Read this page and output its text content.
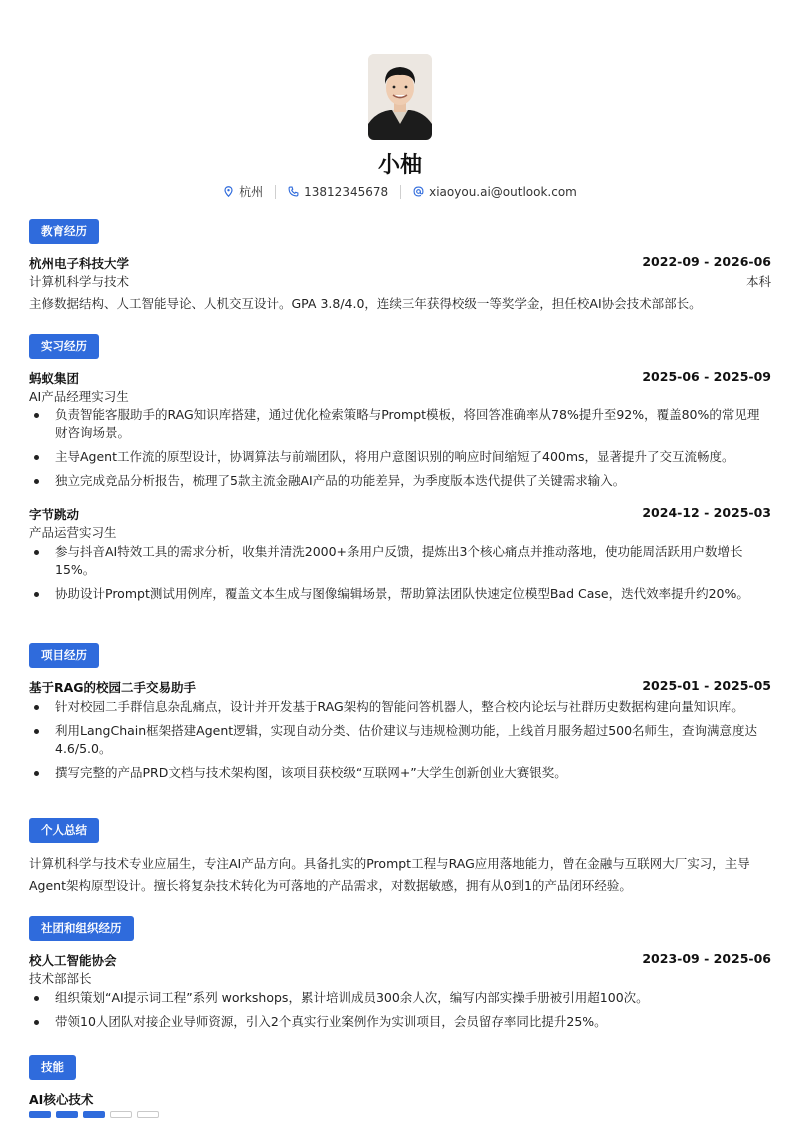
小柚
杭州	13812345678	xiaoyou.ai@outlook.com
教育经历
杭州电子科技大学	2022-09 - 2026-06
计算机科学与技术	本科
主修数据结构、人工智能导论、人机交互设计。GPA 3.8/4.0，连续三年获得校级一等奖学金，担任校AI协会技术部部长。
实习经历
蚂蚁集团	2025-06 - 2025-09
AI产品经理实习生
负责智能客服助手的RAG知识库搭建，通过优化检索策略与Prompt模板，将回答准确率从78%提升至92%，覆盖80%的常见理财咨询场景。
主导Agent工作流的原型设计，协调算法与前端团队，将用户意图识别的响应时间缩短了400ms，显著提升了交互流畅度。
独立完成竞品分析报告，梳理了5款主流金融AI产品的功能差异，为季度版本迭代提供了关键需求输入。
字节跳动	2024-12 - 2025-03
产品运营实习生
参与抖音AI特效工具的需求分析，收集并清洗2000+条用户反馈，提炼出3个核心痛点并推动落地，使功能周活跃用户数增长15%。
协助设计Prompt测试用例库，覆盖文本生成与图像编辑场景，帮助算法团队快速定位模型Bad Case，迭代效率提升约20%。
项目经历
基于RAG的校园二手交易助手	2025-01 - 2025-05
针对校园二手群信息杂乱痛点，设计并开发基于RAG架构的智能问答机器人，整合校内论坛与社群历史数据构建向量知识库。
利用LangChain框架搭建Agent逻辑，实现自动分类、估价建议与违规检测功能，上线首月服务超过500名师生，查询满意度达4.6/5.0。
撰写完整的产品PRD文档与技术架构图，该项目获校级“互联网+”大学生创新创业大赛银奖。
个人总结
计算机科学与技术专业应届生，专注AI产品方向。具备扎实的Prompt工程与RAG应用落地能力，曾在金融与互联网大厂实习，主导Agent架构原型设计。擅长将复杂技术转化为可落地的产品需求，对数据敏感，拥有从0到1的产品闭环经验。
社团和组织经历
校人工智能协会	2023-09 - 2025-06
技术部部长
组织策划“AI提示词工程”系列 workshops，累计培训成员300余人次，编写内部实操手册被引用超100次。
带领10人团队对接企业导师资源，引入2个真实行业案例作为实训项目，会员留存率同比提升25%。
技能
AI核心技术
